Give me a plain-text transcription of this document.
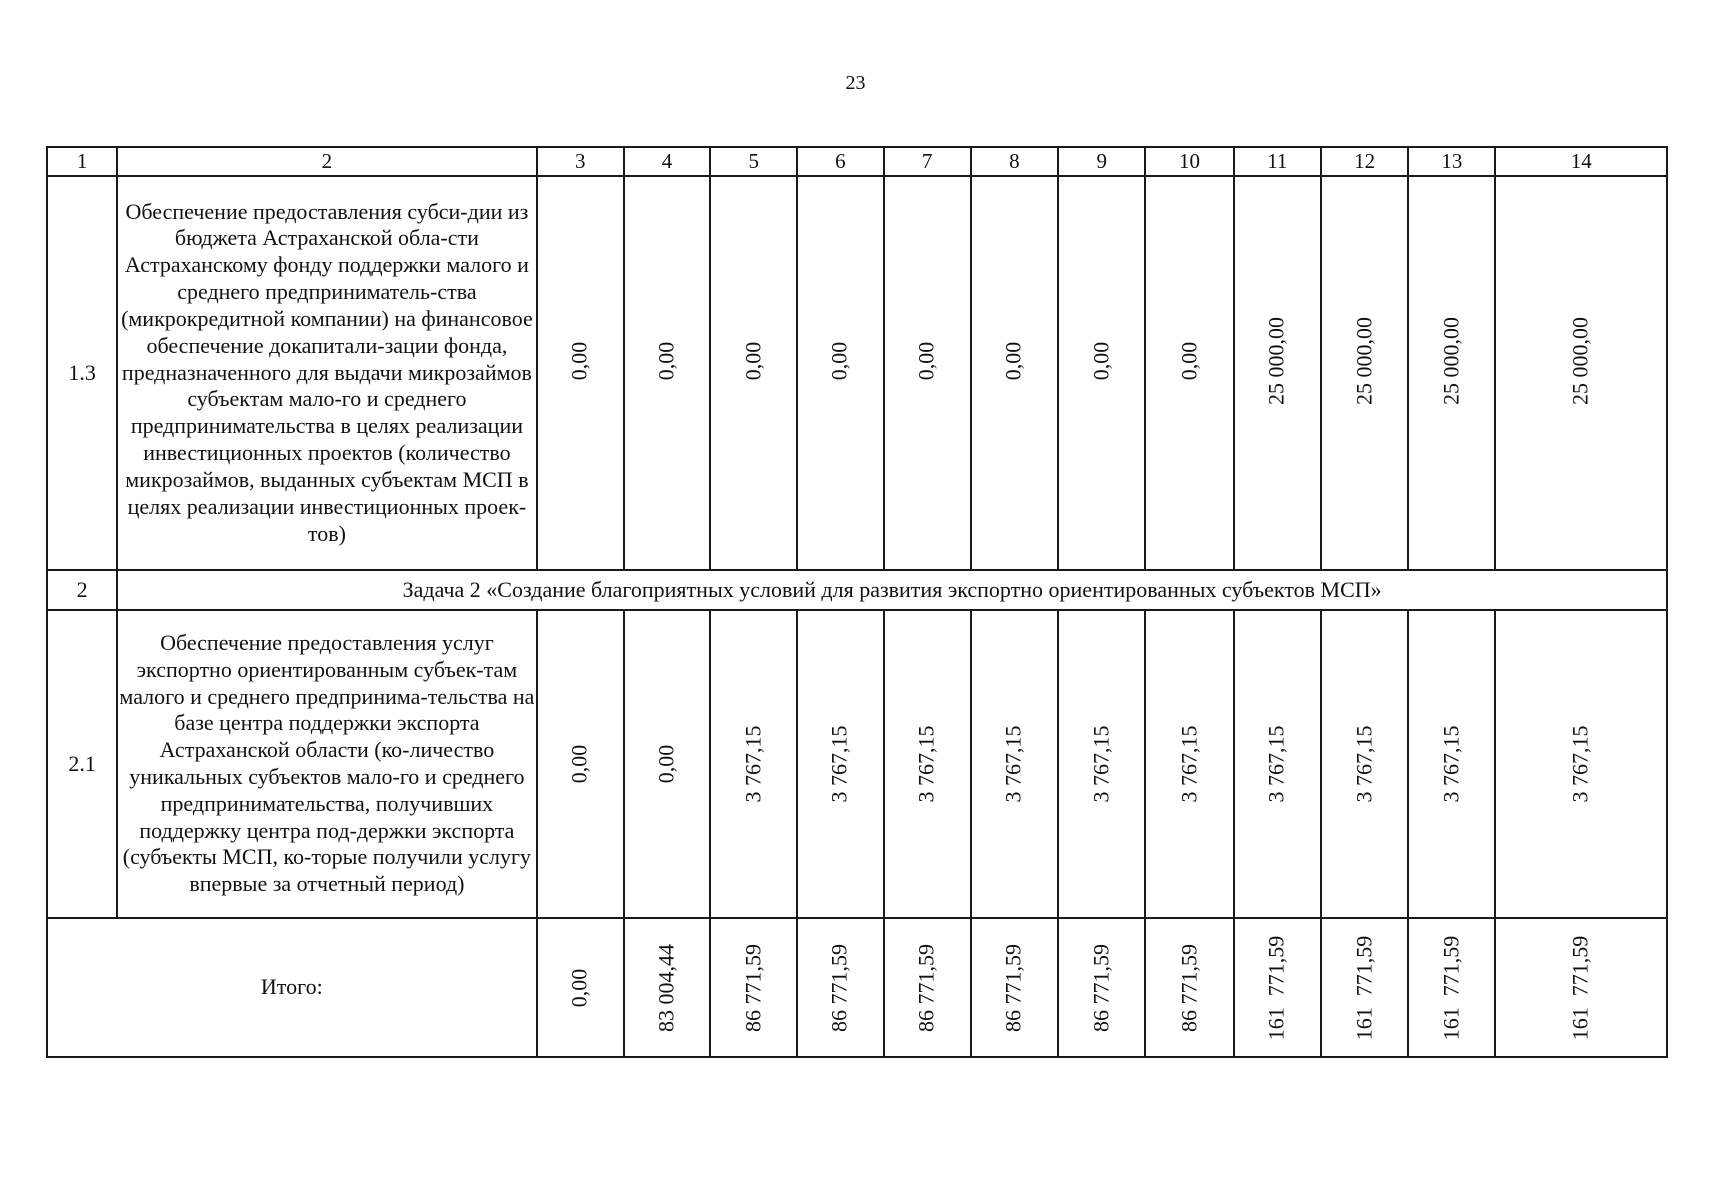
23
1	2	3	4	5	6	7	8	9	10	11	12	13	14
1.3	Обеспечение предоставления субси-дии из бюджета Астраханской обла-сти Астраханскому фонду поддержки малого и среднего предприниматель-ства (микрокредитной компании) на финансовое обеспечение докапитали-зации фонда, предназначенного для выдачи микрозаймов субъектам мало-го и среднего предпринимательства в целях реализации инвестиционных проектов (количество микрозаймов, выданных субъектам МСП в целях реализации инвестиционных проек-тов)	0,00	0,00	0,00	0,00	0,00	0,00	0,00	0,00	25 000,00	25 000,00	25 000,00	25 000,00

2	Задача 2 «Создание благоприятных условий для развития экспортно ориентированных субъектов МСП»												
2.1	Обеспечение предоставления услуг экспортно ориентированным субъек-там малого и среднего предпринима-тельства на базе центра поддержки экспорта Астраханской области (ко-личество уникальных субъектов мало-го и среднего предпринимательства, получивших поддержку центра под-держки экспорта (субъекты МСП, ко-торые получили услугу впервые за отчетный период)	0,00	0,00	3 767,15	3 767,15	3 767,15	3 767,15	3 767,15	3 767,15	3 767,15	3 767,15	3 767,15	3 767,15

Итого:		0,00	83 004,44	86 771,59	86 771,59	86 771,59	86 771,59	86 771,59	86 771,59	161  771,59	161  771,59	161  771,59	161  771,59
